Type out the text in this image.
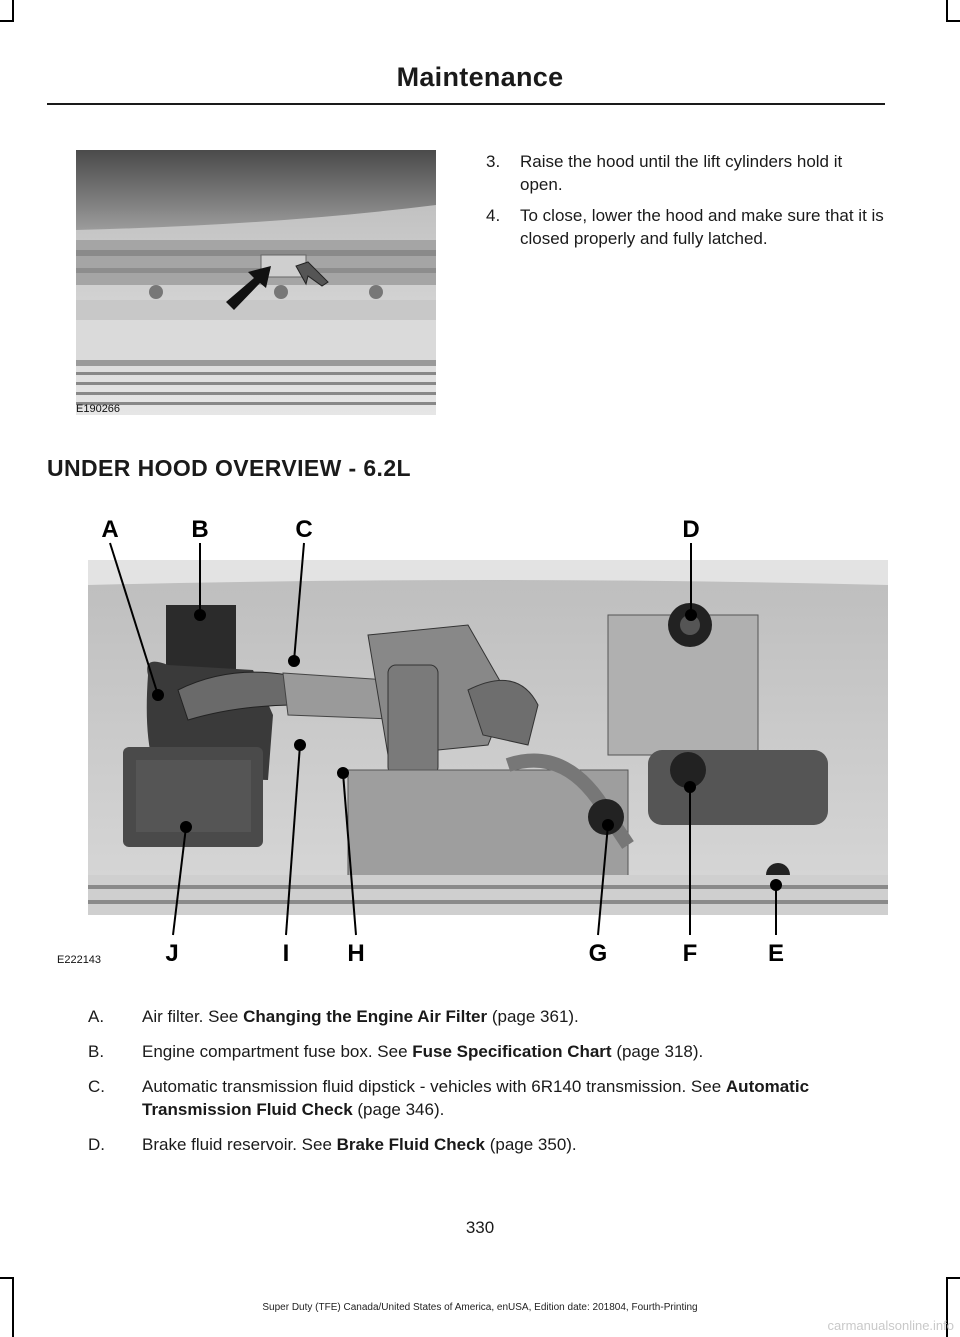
Maintenance
E190266
3. Raise the hood until the lift cylinders hold it open.
4. To close, lower the hood and make sure that it is closed properly and fully latched.
UNDER HOOD OVERVIEW - 6.2L
A	B	C	D
J	I H	G	F	E
E222143
A. Air filter. See Changing the Engine Air Filter (page 361).
B. Engine compartment fuse box. See Fuse Specification Chart (page 318).
C. Automatic transmission fluid dipstick - vehicles with 6R140 transmission. See Automatic Transmission Fluid Check (page 346).
D. Brake fluid reservoir. See Brake Fluid Check (page 350).
330
Super Duty (TFE) Canada/United States of America, enUSA, Edition date: 201804, Fourth-Printing
carmanualsonline.info
